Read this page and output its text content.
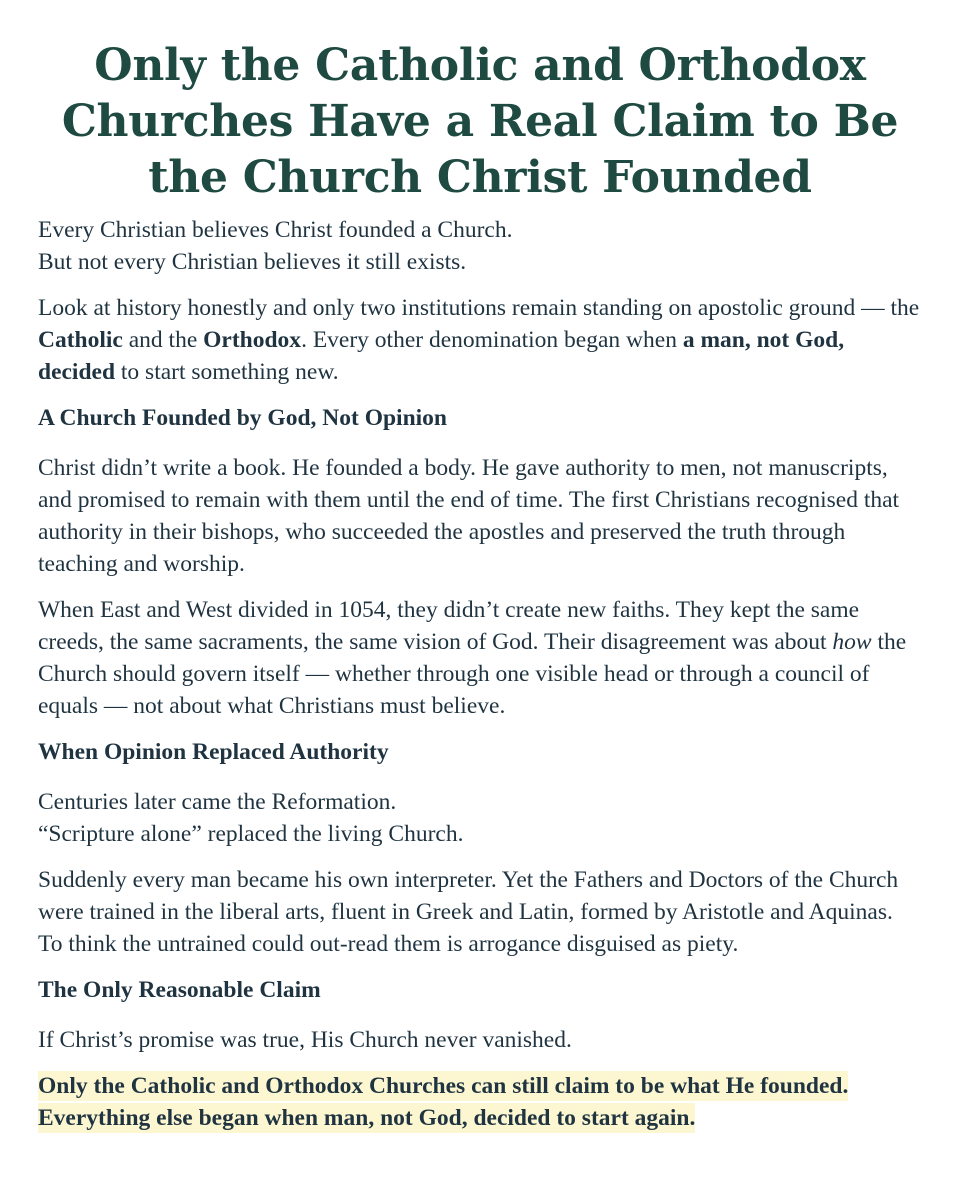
Only the Catholic and Orthodox Churches Have a Real Claim to Be the Church Christ Founded

Every Christian believes Christ founded a Church.
But not every Christian believes it still exists.

Look at history honestly and only two institutions remain standing on apostolic ground — the Catholic and the Orthodox. Every other denomination began when a man, not God, decided to start something new.

A Church Founded by God, Not Opinion

Christ didn’t write a book. He founded a body. He gave authority to men, not manuscripts, and promised to remain with them until the end of time. The first Christians recognised that authority in their bishops, who succeeded the apostles and preserved the truth through teaching and worship.

When East and West divided in 1054, they didn’t create new faiths. They kept the same creeds, the same sacraments, the same vision of God. Their disagreement was about how the Church should govern itself — whether through one visible head or through a council of equals — not about what Christians must believe.

When Opinion Replaced Authority

Centuries later came the Reformation.
“Scripture alone” replaced the living Church.

Suddenly every man became his own interpreter. Yet the Fathers and Doctors of the Church were trained in the liberal arts, fluent in Greek and Latin, formed by Aristotle and Aquinas. To think the untrained could out-read them is arrogance disguised as piety.

The Only Reasonable Claim

If Christ’s promise was true, His Church never vanished.

Only the Catholic and Orthodox Churches can still claim to be what He founded. Everything else began when man, not God, decided to start again.
